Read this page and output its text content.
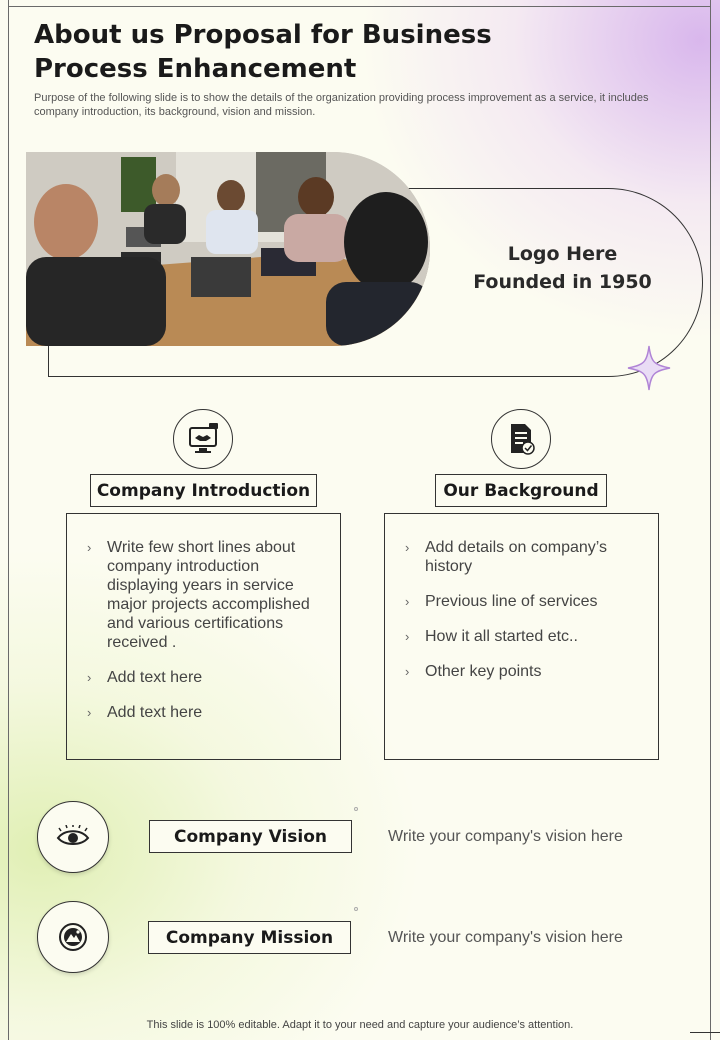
About us Proposal for Business Process Enhancement

Purpose of the following slide is to show the details of the organization providing process improvement as a service, it includes company introduction, its background, vision and mission.

Logo Here
Founded in 1950
Company Introduction
› Write few short lines about company introduction displaying years in service major projects accomplished and various certifications received .
› Add text here
› Add text here
Our Background
› Add details on company’s history
› Previous line of services
› How it all started etc..
› Other key points
Company Vision	Write your company's vision here
Company Mission	Write your company's vision here
This slide is 100% editable. Adapt it to your need and capture your audience’s attention.
